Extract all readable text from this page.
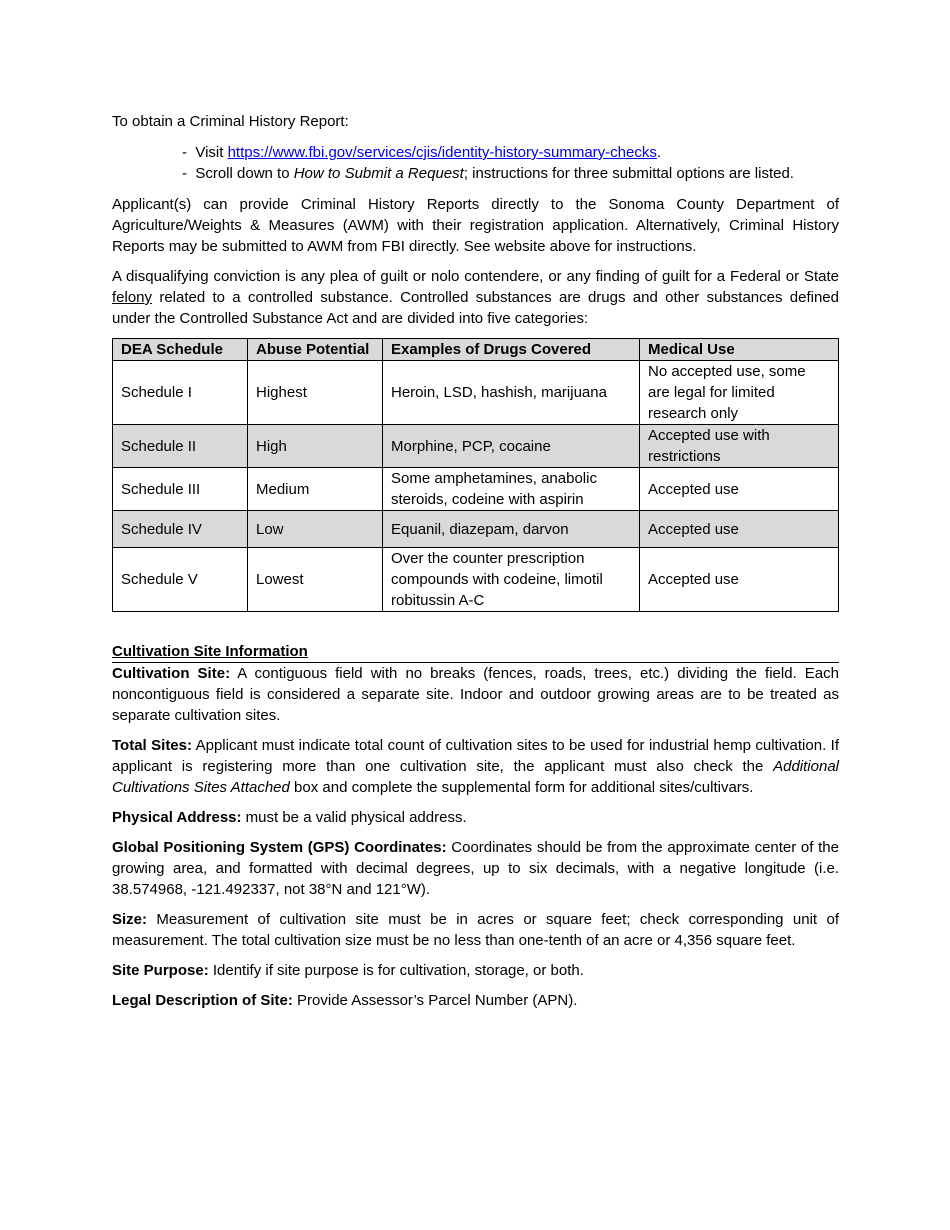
To obtain a Criminal History Report:

-  Visit https://www.fbi.gov/services/cjis/identity-history-summary-checks.
-  Scroll down to How to Submit a Request; instructions for three submittal options are listed.

Applicant(s) can provide Criminal History Reports directly to the Sonoma County Department of Agriculture/Weights & Measures (AWM) with their registration application. Alternatively, Criminal History Reports may be submitted to AWM from FBI directly. See website above for instructions.

A disqualifying conviction is any plea of guilt or nolo contendere, or any finding of guilt for a Federal or State felony related to a controlled substance. Controlled substances are drugs and other substances defined under the Controlled Substance Act and are divided into five categories:

DEA Schedule	Abuse Potential	Examples of Drugs Covered	Medical Use
Schedule I	Highest	Heroin, LSD, hashish, marijuana	No accepted use, some are legal for limited research only
Schedule II	High	Morphine, PCP, cocaine	Accepted use with restrictions
Schedule III	Medium	Some amphetamines, anabolic steroids, codeine with aspirin	Accepted use
Schedule IV	Low	Equanil, diazepam, darvon	Accepted use
Schedule V	Lowest	Over the counter prescription compounds with codeine, limotil robitussin A-C	Accepted use
Cultivation Site Information

Cultivation Site: A contiguous field with no breaks (fences, roads, trees, etc.) dividing the field. Each noncontiguous field is considered a separate site. Indoor and outdoor growing areas are to be treated as separate cultivation sites.

Total Sites: Applicant must indicate total count of cultivation sites to be used for industrial hemp cultivation. If applicant is registering more than one cultivation site, the applicant must also check the Additional Cultivations Sites Attached box and complete the supplemental form for additional sites/cultivars.

Physical Address: must be a valid physical address.

Global Positioning System (GPS) Coordinates: Coordinates should be from the approximate center of the growing area, and formatted with decimal degrees, up to six decimals, with a negative longitude (i.e. 38.574968, -121.492337, not 38°N and 121°W).

Size: Measurement of cultivation site must be in acres or square feet; check corresponding unit of measurement. The total cultivation size must be no less than one-tenth of an acre or 4,356 square feet.

Site Purpose: Identify if site purpose is for cultivation, storage, or both.

Legal Description of Site: Provide Assessor’s Parcel Number (APN).
